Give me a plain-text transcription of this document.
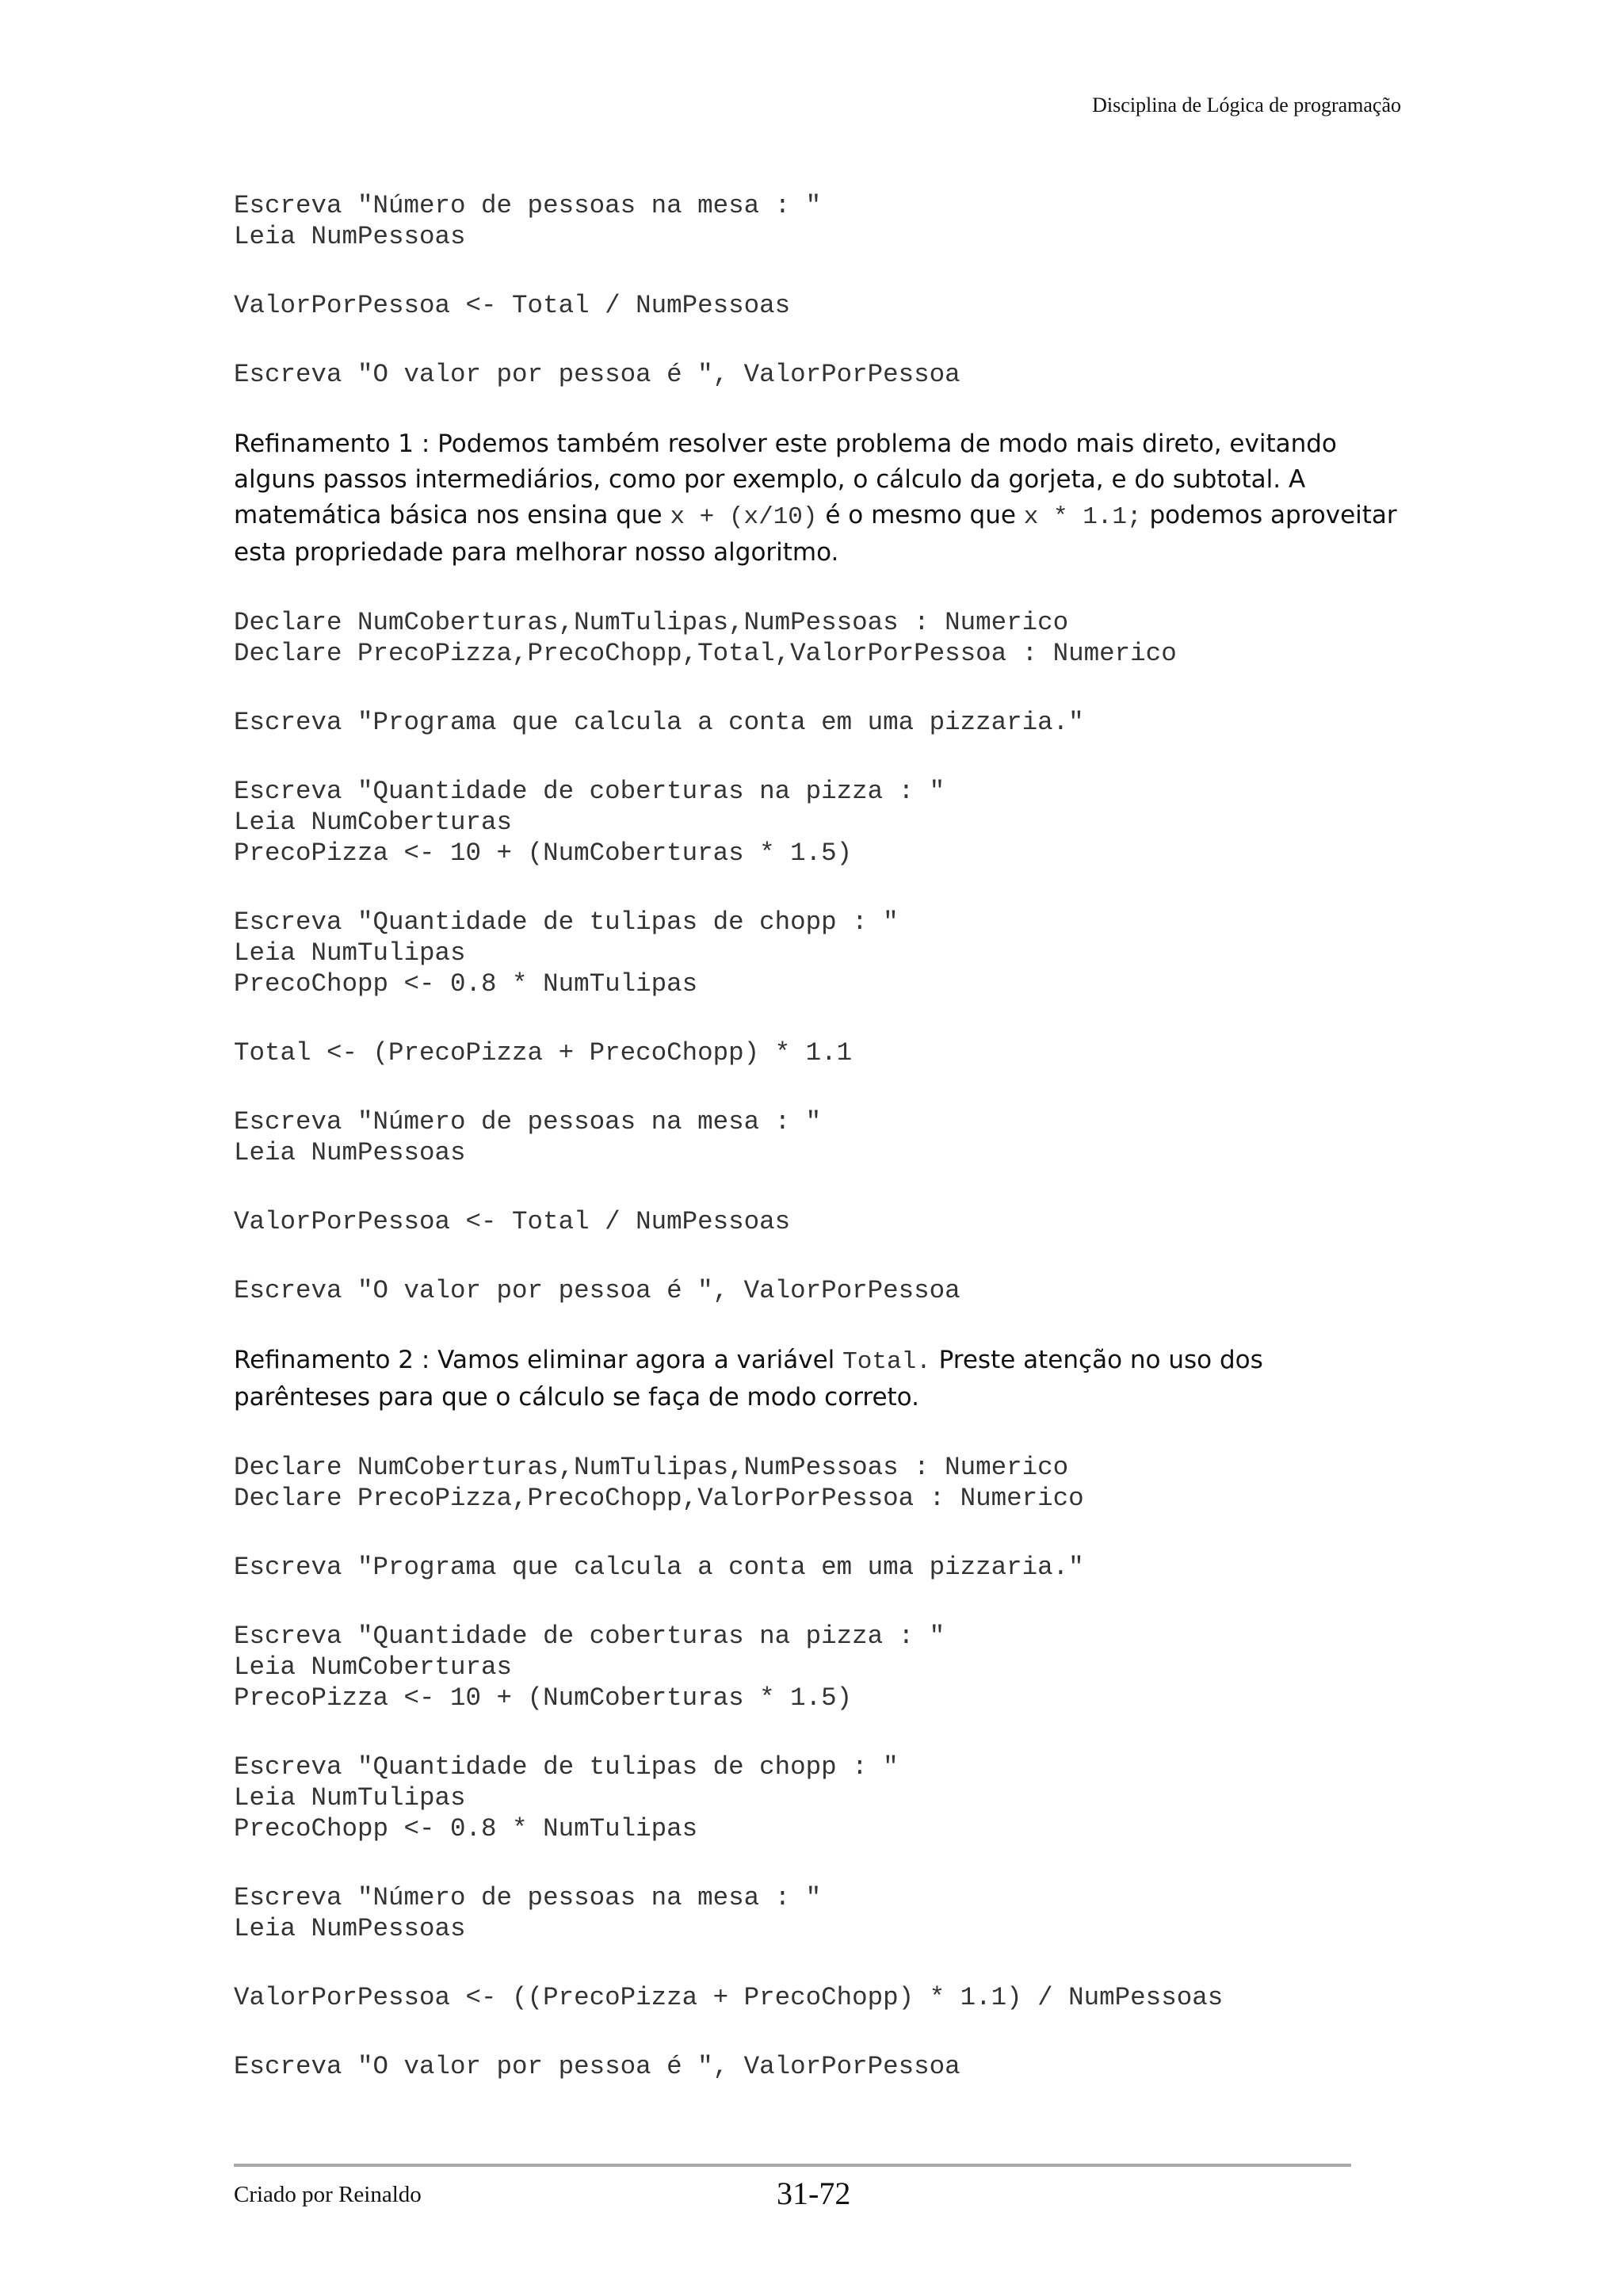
Disciplina de Lógica de programação
Escreva "Número de pessoas na mesa : "
Leia NumPessoas
ValorPorPessoa <- Total / NumPessoas
Escreva "O valor por pessoa é ", ValorPorPessoa

Refinamento 1 : Podemos também resolver este problema de modo mais direto, evitando alguns passos intermediários, como por exemplo, o cálculo da gorjeta, e do subtotal. A matemática básica nos ensina que x + (x/10) é o mesmo que x * 1.1; podemos aproveitar esta propriedade para melhorar nosso algoritmo.

Declare NumCoberturas,NumTulipas,NumPessoas : Numerico
Declare PrecoPizza,PrecoChopp,Total,ValorPorPessoa : Numerico
Escreva "Programa que calcula a conta em uma pizzaria."
Escreva "Quantidade de coberturas na pizza : "
Leia NumCoberturas
PrecoPizza <- 10 + (NumCoberturas * 1.5)
Escreva "Quantidade de tulipas de chopp : "
Leia NumTulipas
PrecoChopp <- 0.8 * NumTulipas
Total <- (PrecoPizza + PrecoChopp) * 1.1
Escreva "Número de pessoas na mesa : "
Leia NumPessoas
ValorPorPessoa <- Total / NumPessoas
Escreva "O valor por pessoa é ", ValorPorPessoa

Refinamento 2 : Vamos eliminar agora a variável Total. Preste atenção no uso dos parênteses para que o cálculo se faça de modo correto.

Declare NumCoberturas,NumTulipas,NumPessoas : Numerico
Declare PrecoPizza,PrecoChopp,ValorPorPessoa : Numerico
Escreva "Programa que calcula a conta em uma pizzaria."
Escreva "Quantidade de coberturas na pizza : "
Leia NumCoberturas
PrecoPizza <- 10 + (NumCoberturas * 1.5)
Escreva "Quantidade de tulipas de chopp : "
Leia NumTulipas
PrecoChopp <- 0.8 * NumTulipas
Escreva "Número de pessoas na mesa : "
Leia NumPessoas
ValorPorPessoa <- ((PrecoPizza + PrecoChopp) * 1.1) / NumPessoas
Escreva "O valor por pessoa é ", ValorPorPessoa
Criado por Reinaldo	31-72
